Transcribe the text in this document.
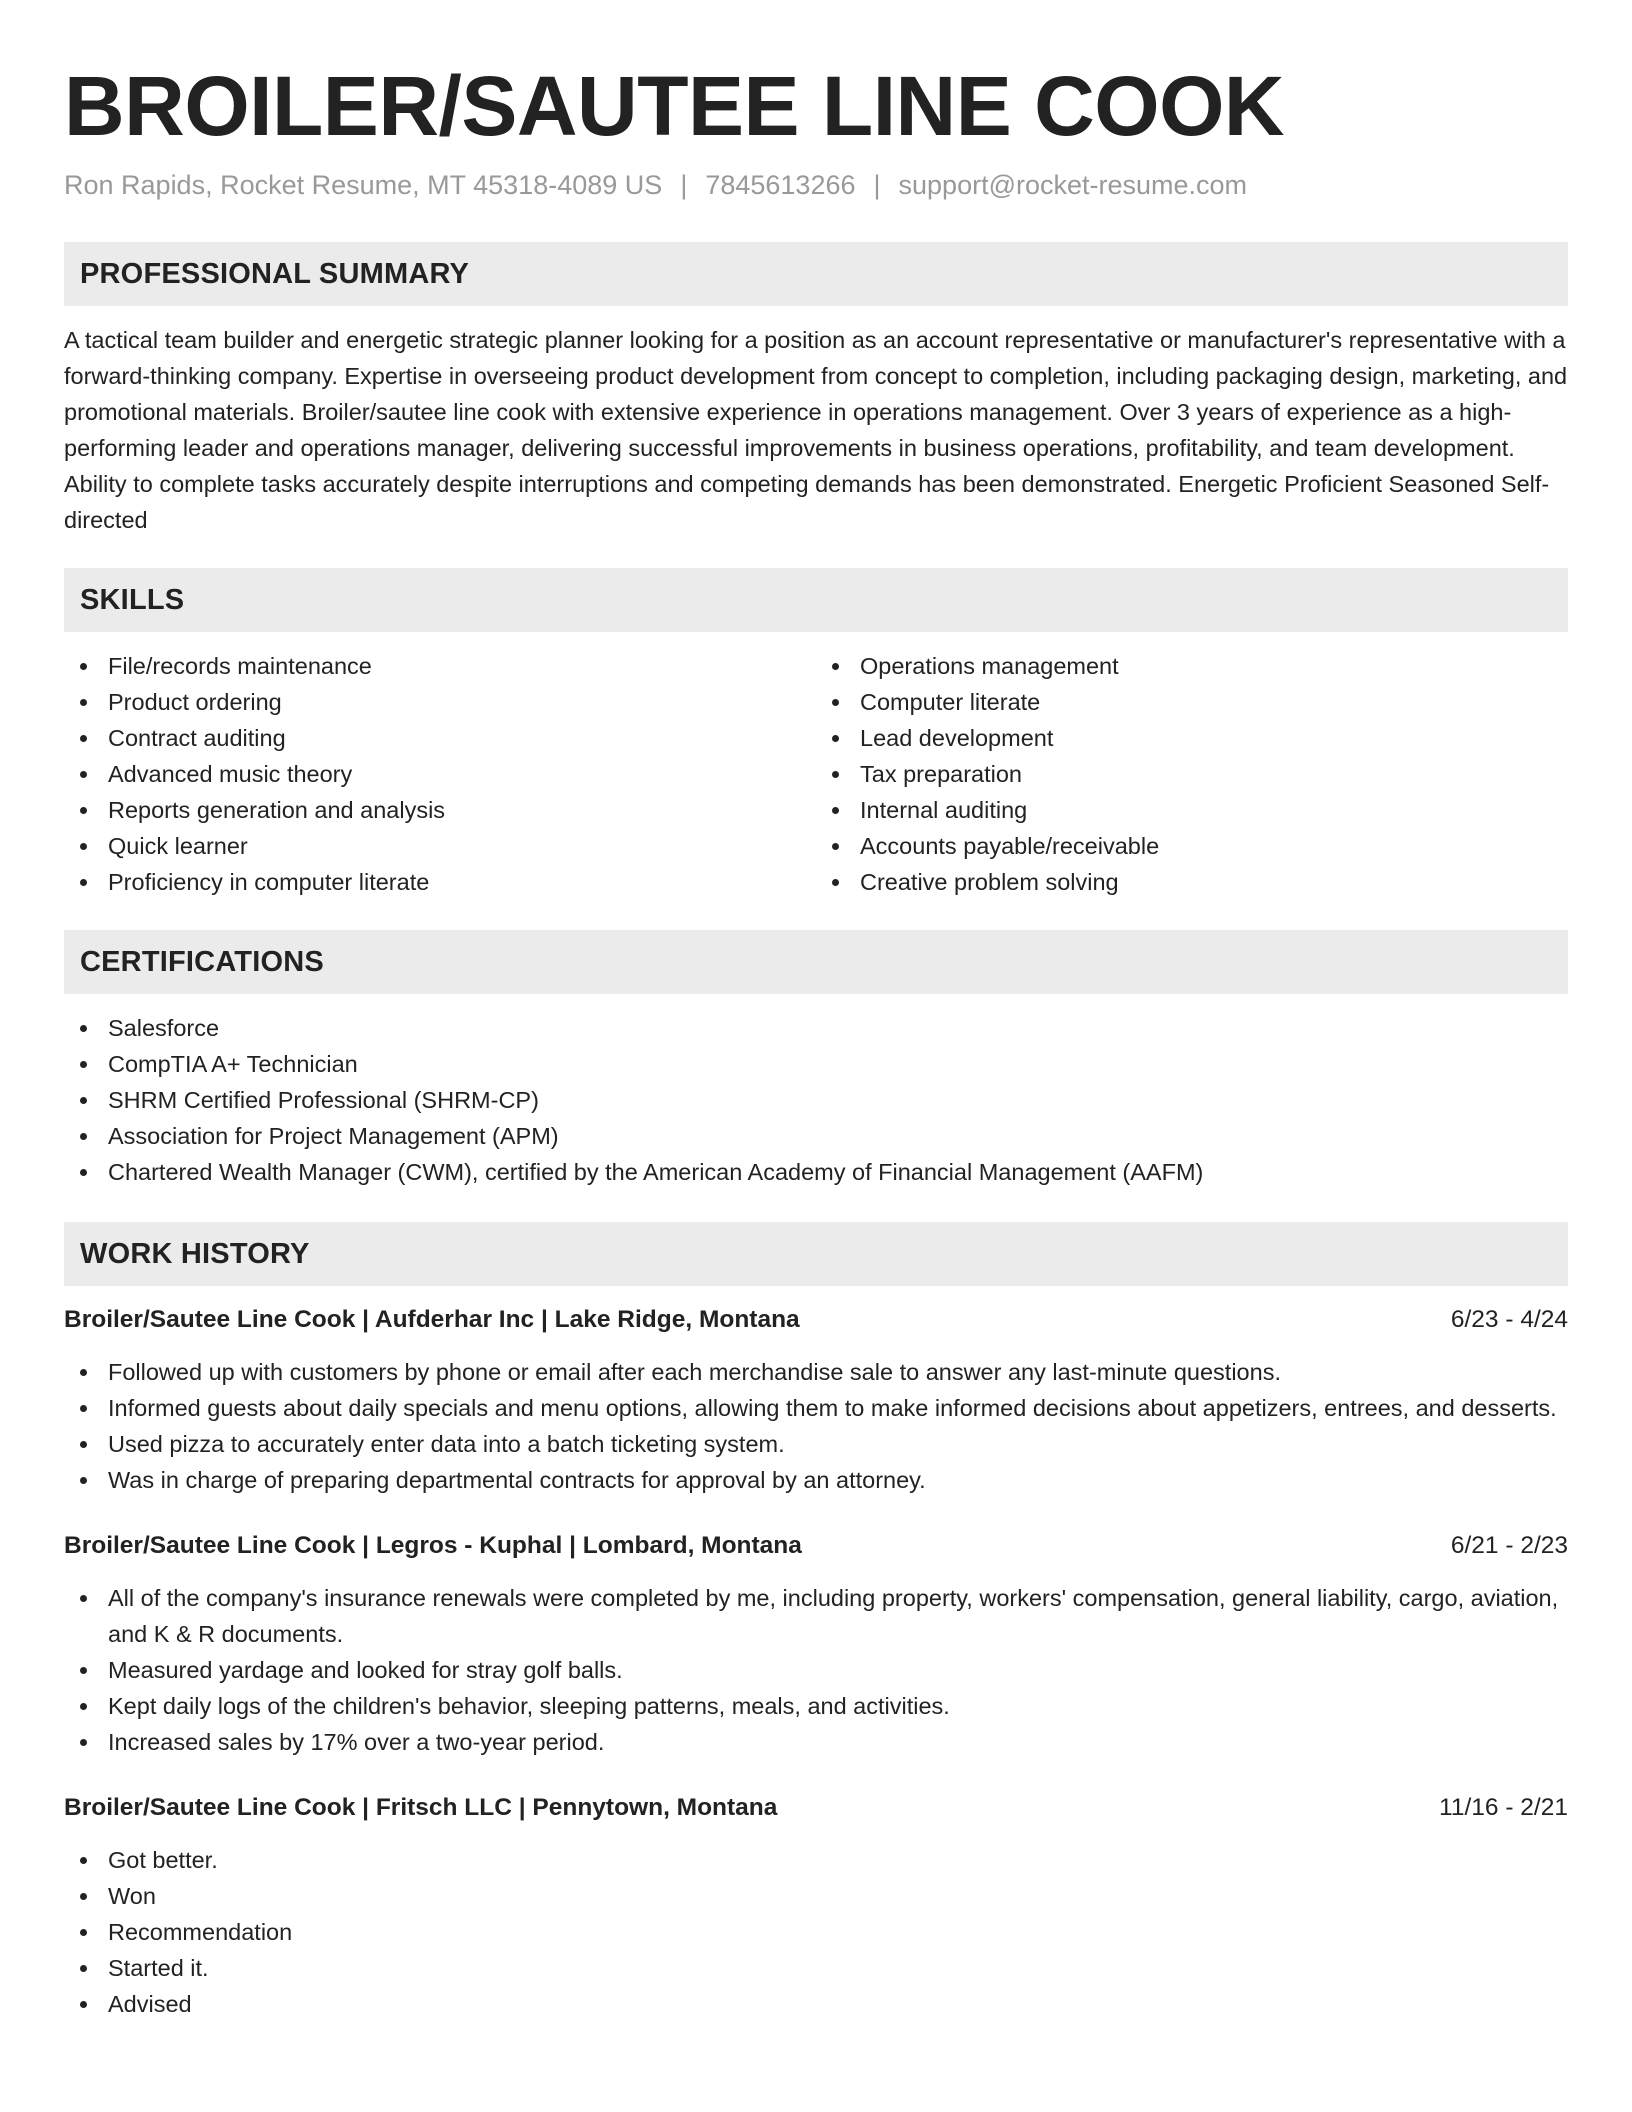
BROILER/SAUTEE LINE COOK
Ron Rapids, Rocket Resume, MT 45318-4089 US | 7845613266 | support@rocket-resume.com
PROFESSIONAL SUMMARY
A tactical team builder and energetic strategic planner looking for a position as an account representative or manufacturer's representative with a forward-thinking company. Expertise in overseeing product development from concept to completion, including packaging design, marketing, and promotional materials. Broiler/sautee line cook with extensive experience in operations management. Over 3 years of experience as a high-performing leader and operations manager, delivering successful improvements in business operations, profitability, and team development. Ability to complete tasks accurately despite interruptions and competing demands has been demonstrated. Energetic Proficient Seasoned Self-directed
SKILLS
File/records maintenance
Product ordering
Contract auditing
Advanced music theory
Reports generation and analysis
Quick learner
Proficiency in computer literate
Operations management
Computer literate
Lead development
Tax preparation
Internal auditing
Accounts payable/receivable
Creative problem solving
CERTIFICATIONS
Salesforce
CompTIA A+ Technician
SHRM Certified Professional (SHRM-CP)
Association for Project Management (APM)
Chartered Wealth Manager (CWM), certified by the American Academy of Financial Management (AAFM)
WORK HISTORY
Broiler/Sautee Line Cook | Aufderhar Inc | Lake Ridge, Montana	6/23 - 4/24
Followed up with customers by phone or email after each merchandise sale to answer any last-minute questions.
Informed guests about daily specials and menu options, allowing them to make informed decisions about appetizers, entrees, and desserts.
Used pizza to accurately enter data into a batch ticketing system.
Was in charge of preparing departmental contracts for approval by an attorney.
Broiler/Sautee Line Cook | Legros - Kuphal | Lombard, Montana	6/21 - 2/23
All of the company's insurance renewals were completed by me, including property, workers' compensation, general liability, cargo, aviation, and K & R documents.
Measured yardage and looked for stray golf balls.
Kept daily logs of the children's behavior, sleeping patterns, meals, and activities.
Increased sales by 17% over a two-year period.
Broiler/Sautee Line Cook | Fritsch LLC | Pennytown, Montana	11/16 - 2/21
Got better.
Won
Recommendation
Started it.
Advised
